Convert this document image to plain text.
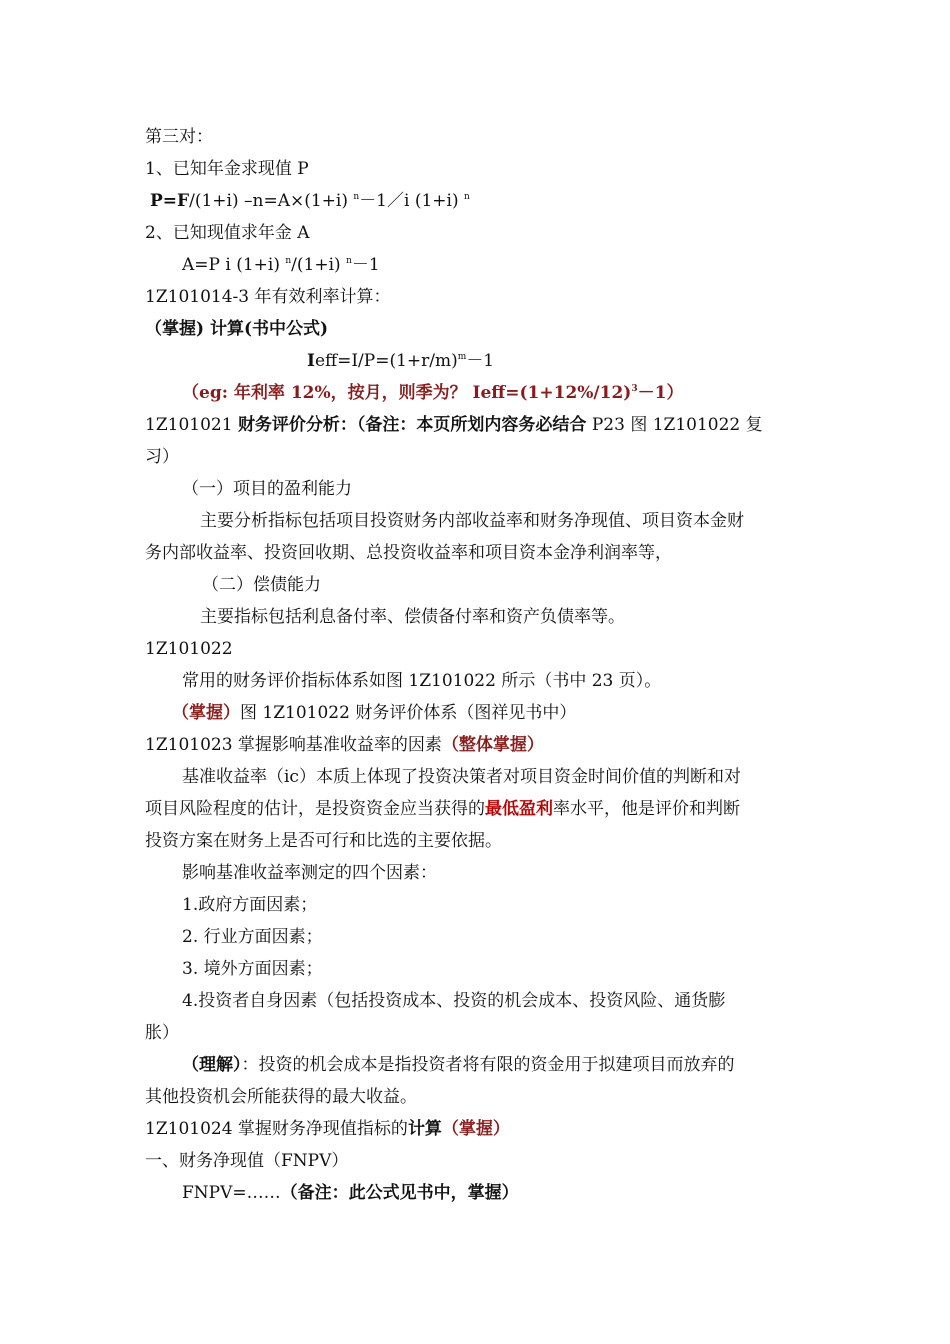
第三对：
1、已知年金求现值 P
P=F/(1+i) –n=A×(1+i) $^n$－1／i (1+i) $^n$
2、已知现值求年金 A
A=P i (1+i) $^n$/(1+i) $^n$－1
1Z101014-3 年有效利率计算：
（掌握) 计算(书中公式)
$Ieff=I/P=(1+r/m)^m-1$
（eg: 年利率 12%，按月，则季为？ $Ieff=(1+12\%/12)^3-1$）
1Z101021 财务评价分析：（备注：本页所划内容务必结合 P23 图 1Z101022 复
习）
（一）项目的盈利能力
主要分析指标包括项目投资财务内部收益率和财务净现值、项目资本金财
务内部收益率、投资回收期、总投资收益率和项目资本金净利润率等，
（二）偿债能力
主要指标包括利息备付率、偿债备付率和资产负债率等。
1Z101022
常用的财务评价指标体系如图 1Z101022 所示（书中 23 页）。
（掌握）图 1Z101022 财务评价体系（图祥见书中）
1Z101023 掌握影响基准收益率的因素（整体掌握）
基准收益率（ic）本质上体现了投资决策者对项目资金时间价值的判断和对
项目风险程度的估计，是投资资金应当获得的最低盈利率水平，他是评价和判断
投资方案在财务上是否可行和比选的主要依据。
影响基准收益率测定的四个因素：
1.政府方面因素；
2. 行业方面因素；
3. 境外方面因素；
4.投资者自身因素（包括投资成本、投资的机会成本、投资风险、通货膨
胀）
（理解）：投资的机会成本是指投资者将有限的资金用于拟建项目而放弃的
其他投资机会所能获得的最大收益。
1Z101024 掌握财务净现值指标的计算（掌握）
一、财务净现值（FNPV）
FNPV=……（备注：此公式见书中，掌握）
